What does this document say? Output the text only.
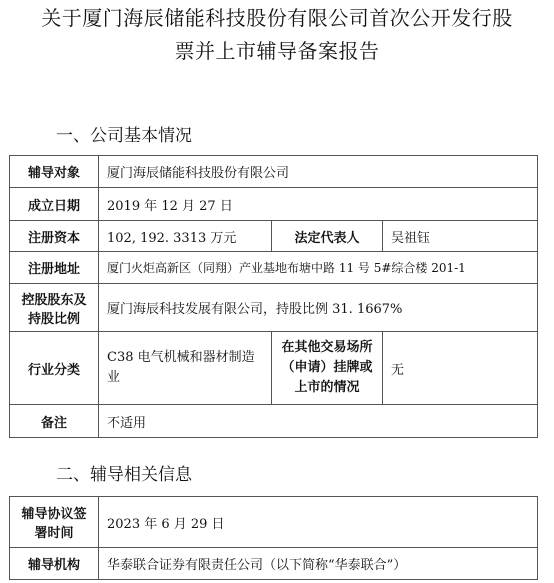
关于厦门海辰储能科技股份有限公司首次公开发行股
票并上市辅导备案报告
一、公司基本情况
辅导对象	厦门海辰储能科技股份有限公司		
成立日期	2019 年 12 月 27 日		
注册资本	102, 192. 3313 万元	法定代表人	吴祖钰
注册地址	厦门火炬高新区（同翔）产业基地布塘中路 11 号 5#综合楼 201-1		

控股股东及
持股比例	厦门海辰科技发展有限公司，持股比例 31. 1667%		
行业分类	C38 电气机械和器材制造业	在其他交易场所（申请）挂牌或上市的情况	无
备注	不适用		
二、辅导相关信息
辅导协议签
署时间	2023 年 6 月 29 日
辅导机构	华泰联合证券有限责任公司（以下简称“华泰联合”）
